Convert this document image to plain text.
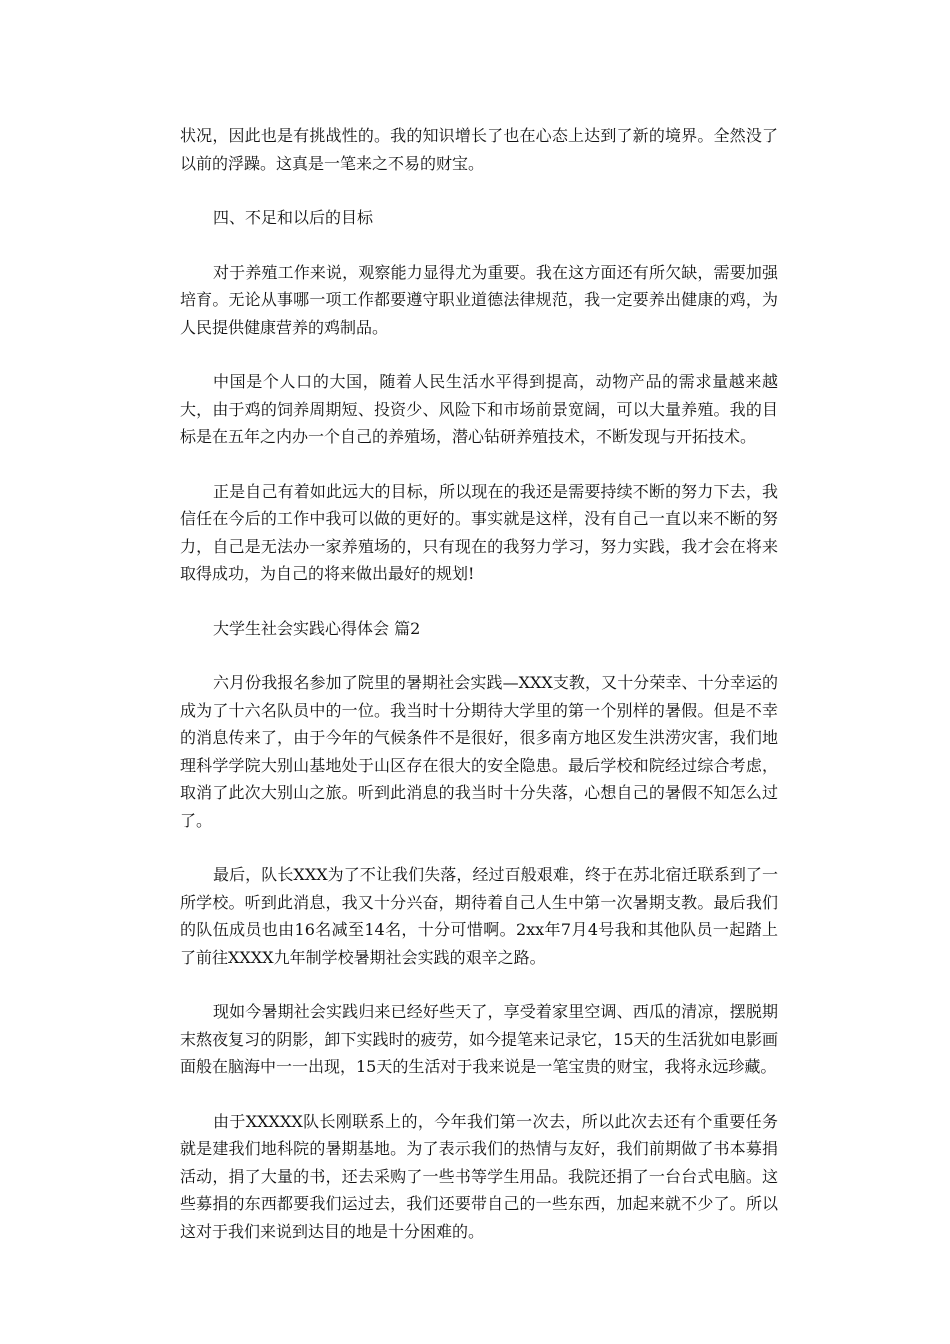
状况，因此也是有挑战性的。我的知识增长了也在心态上达到了新的境界。全然没了以前的浮躁。这真是一笔来之不易的财宝。

四、不足和以后的目标

对于养殖工作来说，观察能力显得尤为重要。我在这方面还有所欠缺，需要加强培育。无论从事哪一项工作都要遵守职业道德法律规范，我一定要养出健康的鸡，为人民提供健康营养的鸡制品。

中国是个人口的大国，随着人民生活水平得到提高，动物产品的需求量越来越大，由于鸡的饲养周期短、投资少、风险下和市场前景宽阔，可以大量养殖。我的目标是在五年之内办一个自己的养殖场，潜心钻研养殖技术，不断发现与开拓技术。

正是自己有着如此远大的目标，所以现在的我还是需要持续不断的努力下去，我信任在今后的工作中我可以做的更好的。事实就是这样，没有自己一直以来不断的努力，自己是无法办一家养殖场的，只有现在的我努力学习，努力实践，我才会在将来取得成功，为自己的将来做出最好的规划!

大学生社会实践心得体会 篇2

六月份我报名参加了院里的暑期社会实践—XXX支教，又十分荣幸、十分幸运的成为了十六名队员中的一位。我当时十分期待大学里的第一个别样的暑假。但是不幸的消息传来了，由于今年的气候条件不是很好，很多南方地区发生洪涝灾害，我们地理科学学院大别山基地处于山区存在很大的安全隐患。最后学校和院经过综合考虑，取消了此次大别山之旅。听到此消息的我当时十分失落，心想自己的暑假不知怎么过了。

最后，队长XXX为了不让我们失落，经过百般艰难，终于在苏北宿迁联系到了一所学校。听到此消息，我又十分兴奋，期待着自己人生中第一次暑期支教。最后我们的队伍成员也由16名减至14名，十分可惜啊。2xx年7月4号我和其他队员一起踏上了前往XXXX九年制学校暑期社会实践的艰辛之路。

现如今暑期社会实践归来已经好些天了，享受着家里空调、西瓜的清凉，摆脱期末熬夜复习的阴影，卸下实践时的疲劳，如今提笔来记录它，15天的生活犹如电影画面般在脑海中一一出现，15天的生活对于我来说是一笔宝贵的财宝，我将永远珍藏。

由于XXXXX队长刚联系上的，今年我们第一次去，所以此次去还有个重要任务就是建我们地科院的暑期基地。为了表示我们的热情与友好，我们前期做了书本募捐活动，捐了大量的书，还去采购了一些书等学生用品。我院还捐了一台台式电脑。这些募捐的东西都要我们运过去，我们还要带自己的一些东西，加起来就不少了。所以这对于我们来说到达目的地是十分困难的。
